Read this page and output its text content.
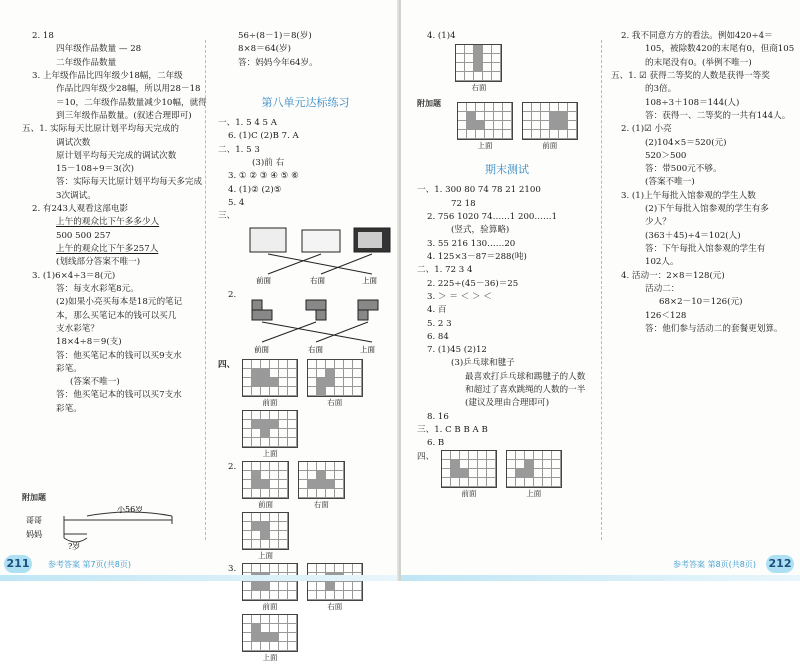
2. 18
四年级作品数量 — 28
二年级作品数量
3. 上年级作品比四年级少18幅，二年级
作品比四年级少28幅，所以用28－18
＝10，二年级作品数量减少10幅，就得
到三年级作品数量。(叙述合理即可)
五、1. 实际每天比原计划平均每天完成的
调试次数
原计划平均每天完成的调试次数
15－108÷9＝3(次)
答：实际每天比原计划平均每天多完成
3次调试。
2. 有243人观看这部电影
上午的观众比下午多多少人
500 500 257
上午的观众比下午多257人
(划线部分答案不唯一)
3. (1)6×4÷3＝8(元)
答：每支水彩笔8元。
(2)如果小亮买每本是18元的笔记
本，那么买笔记本的钱可以买几
支水彩笔？
18×4÷8＝9(支)
答：他买笔记本的钱可以买9支水
彩笔。
(答案不唯一)
答：他买笔记本的钱可以买7支水
彩笔。
附加题
哥哥
妈妈
小56岁
?岁
56÷(8－1)＝8(岁)
8×8＝64(岁)
答：妈妈今年64岁。
第八单元达标练习
一、1. 5 4 5 A
6. (1)C (2)B 7. A
二、1. 5 3
(3)前 右
3. ① ② ③ ④ ⑤ ⑥
4. (1)② (2)⑤
5. 4
三、
前面	右面	上面
2.
前面	右面	上面
四、
前面
	右面

上面
2.
前面
	右面

上面
3.
前面
	右面

上面
211	参考答案 第7页(共8页)
4. (1)4
右面
附加题
上面
	前面
期末测试
一、1. 300 80 74 78 21 2100
72 18
2. 756 1020 74……1 200……1
(竖式，验算略)
3. 55 216 130……20
4. 125×3－87＝288(吨)
二、1. 72 3 4
2. 225÷(45－36)＝25
3. ＞ ＝ ＜ ＞ ＜
4. 百
5. 2 3
6. 84
7. (1)45 (2)12
(3)乒乓球和毽子
最喜欢打乒乓球和踢毽子的人数
和超过了喜欢跳绳的人数的一半
(建议及理由合理即可)
8. 16
三、1. C B B A B
6. B
四、
前面
	上面
2. 我不同意方方的看法。例如420÷4＝
105，被除数420的末尾有0，但商105
的末尾没有0。(举例不唯一)
五、1. ☑ 获得二等奖的人数是获得一等奖
的3倍。
108÷3＋108＝144(人)
答：获得一、二等奖的一共有144人。
2. (1)☑ 小亮
(2)104×5＝520(元)
520＞500
答：带500元不够。
(答案不唯一)
3. (1)上午每批入馆参观的学生人数
(2)下午每批入馆参观的学生有多
少人？
(363＋45)÷4＝102(人)
答：下午每批入馆参观的学生有
102人。
4. 活动一：2×8＝128(元)
活动二：
68×2－10＝126(元)
126＜128
答：他们参与活动二的套餐更划算。
参考答案 第8页(共8页) 212
